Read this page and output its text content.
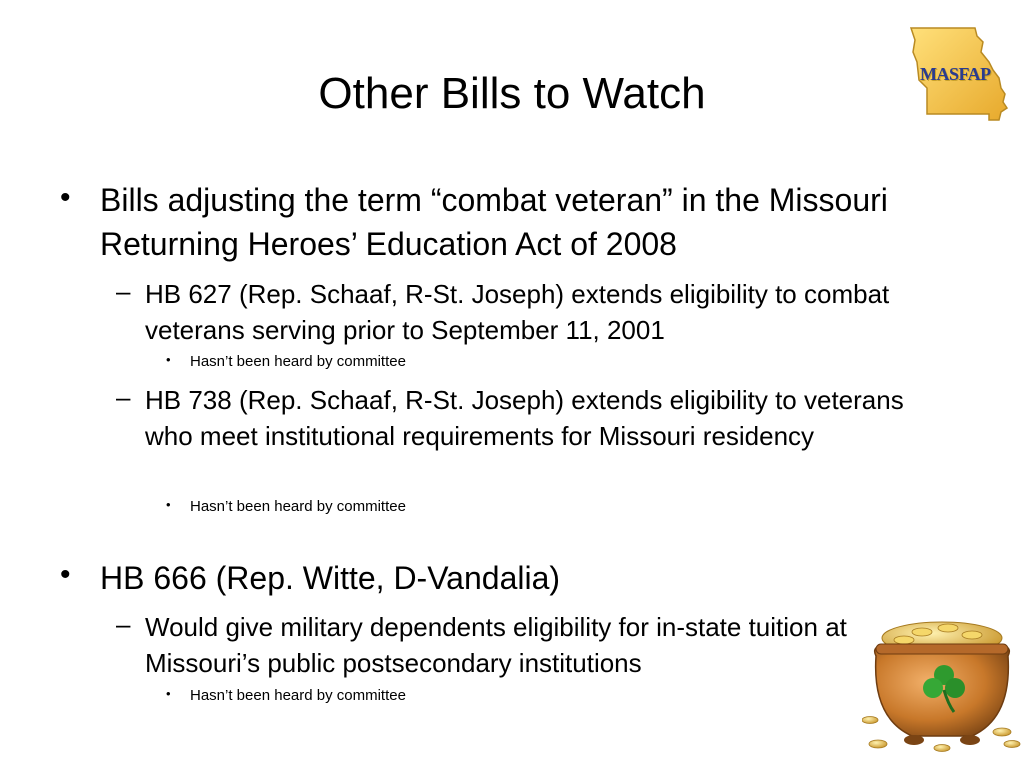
Other Bills to Watch	MASFAP
• Bills adjusting the term “combat veteran” in the Missouri Returning Heroes’ Education Act of 2008
– HB 627 (Rep. Schaaf, R-St. Joseph) extends eligibility to combat veterans serving prior to September 11, 2001
• Hasn’t been heard by committee
– HB 738 (Rep. Schaaf, R-St. Joseph) extends eligibility to veterans who meet institutional requirements for Missouri residency
• Hasn’t been heard by committee
• HB 666 (Rep. Witte, D-Vandalia)
– Would give military dependents eligibility for in-state tuition at Missouri’s public postsecondary institutions
• Hasn’t been heard by committee
